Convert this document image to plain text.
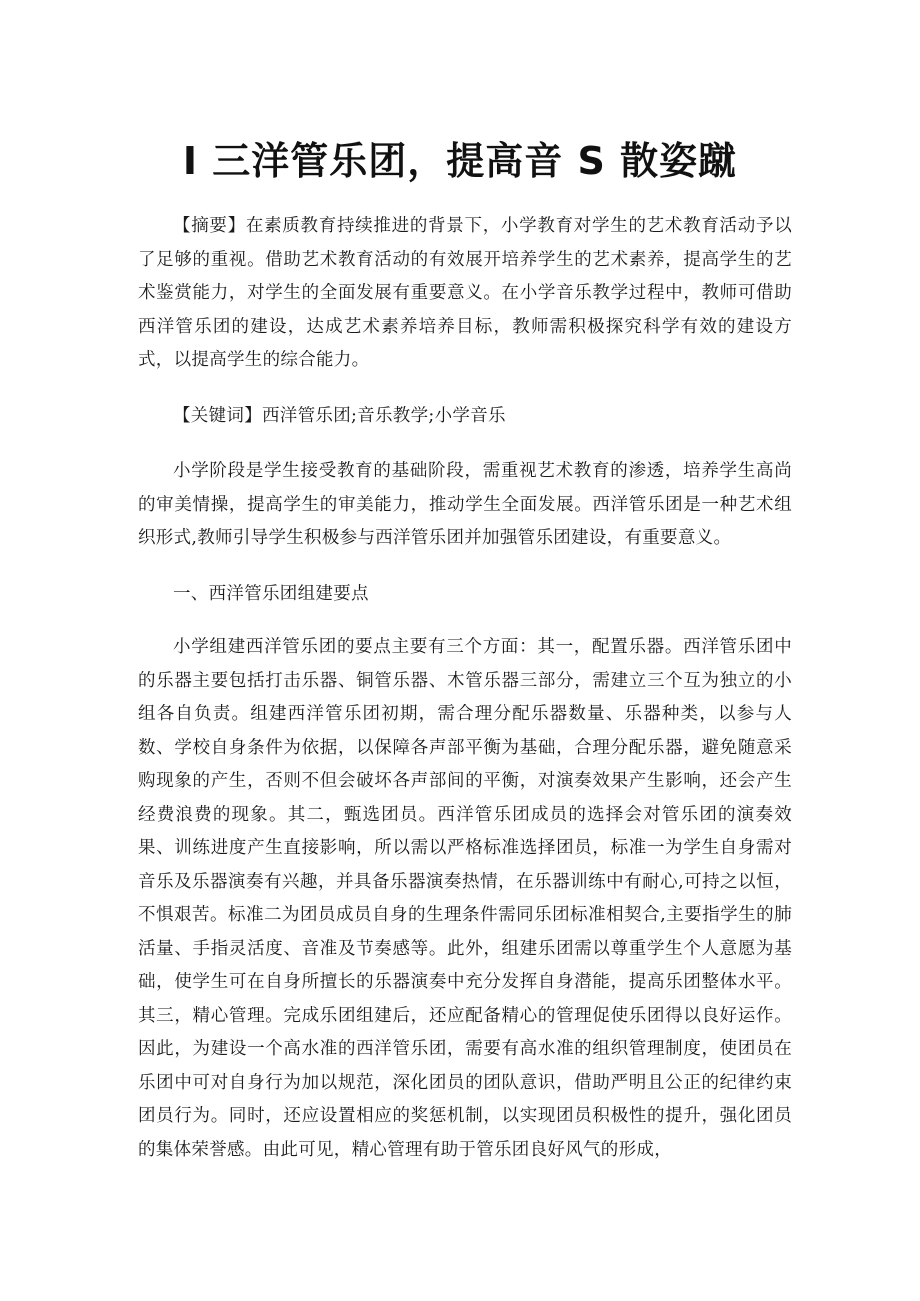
I 三洋管乐团，提高音 S 散姿蹴

【摘要】在素质教育持续推进的背景下，小学教育对学生的艺术教育活动予以了足够的重视。借助艺术教育活动的有效展开培养学生的艺术素养，提高学生的艺术鉴赏能力，对学生的全面发展有重要意义。在小学音乐教学过程中，教师可借助西洋管乐团的建设，达成艺术素养培养目标，教师需积极探究科学有效的建设方式，以提高学生的综合能力。

【关键词】西洋管乐团;音乐教学;小学音乐

小学阶段是学生接受教育的基础阶段，需重视艺术教育的渗透，培养学生高尚的审美情操，提高学生的审美能力，推动学生全面发展。西洋管乐团是一种艺术组织形式,教师引导学生积极参与西洋管乐团并加强管乐团建设，有重要意义。

一、西洋管乐团组建要点

小学组建西洋管乐团的要点主要有三个方面：其一，配置乐器。西洋管乐团中的乐器主要包括打击乐器、铜管乐器、木管乐器三部分，需建立三个互为独立的小组各自负责。组建西洋管乐团初期，需合理分配乐器数量、乐器种类，以参与人数、学校自身条件为依据，以保障各声部平衡为基础，合理分配乐器，避免随意采购现象的产生，否则不但会破坏各声部间的平衡，对演奏效果产生影响，还会产生经费浪费的现象。其二，甄选团员。西洋管乐团成员的选择会对管乐团的演奏效果、训练进度产生直接影响，所以需以严格标准选择团员，标准一为学生自身需对音乐及乐器演奏有兴趣，并具备乐器演奏热情，在乐器训练中有耐心,可持之以恒，不惧艰苦。标准二为团员成员自身的生理条件需同乐团标准相契合,主要指学生的肺活量、手指灵活度、音准及节奏感等。此外，组建乐团需以尊重学生个人意愿为基础，使学生可在自身所擅长的乐器演奏中充分发挥自身潜能，提高乐团整体水平。其三，精心管理。完成乐团组建后，还应配备精心的管理促使乐团得以良好运作。因此，为建设一个高水准的西洋管乐团，需要有高水准的组织管理制度，使团员在乐团中可对自身行为加以规范，深化团员的团队意识，借助严明且公正的纪律约束团员行为。同时，还应设置相应的奖惩机制，以实现团员积极性的提升，强化团员的集体荣誉感。由此可见，精心管理有助于管乐团良好风气的形成，
